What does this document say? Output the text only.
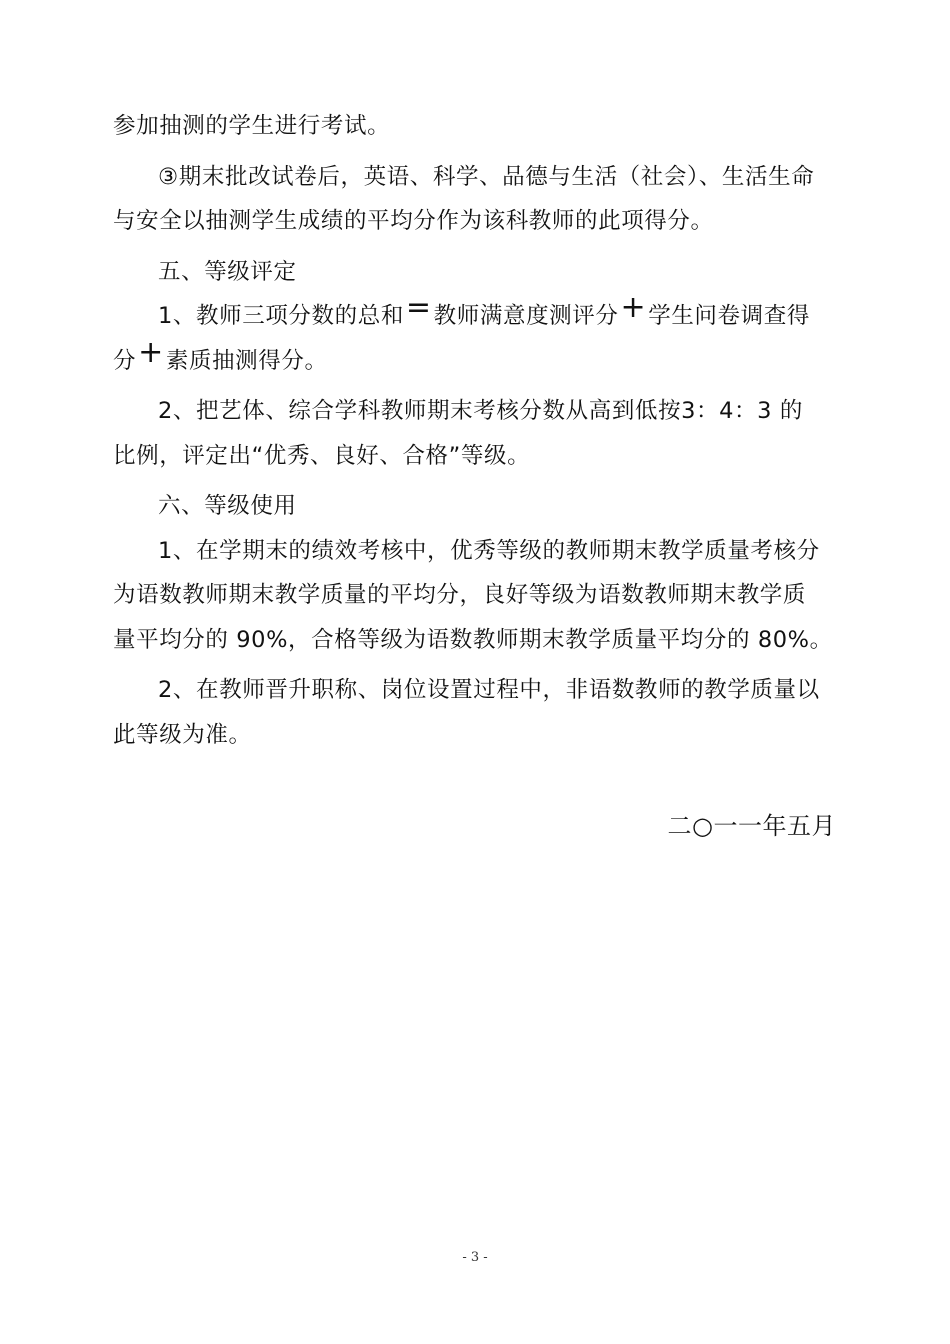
参加抽测的学生进行考试。
③期末批改试卷后，英语、科学、品德与生活（社会）、生活生命
与安全以抽测学生成绩的平均分作为该科教师的此项得分。
五、等级评定
1、教师三项分数的总和=教师满意度测评分+学生问卷调查得
分+素质抽测得分。
2、把艺体、综合学科教师期末考核分数从高到低按3：4：3 的
比例，评定出“优秀、良好、合格”等级。
六、等级使用
1、在学期末的绩效考核中，优秀等级的教师期末教学质量考核分
为语数教师期末教学质量的平均分，良好等级为语数教师期末教学质
量平均分的 90%，合格等级为语数教师期末教学质量平均分的 80%。
2、在教师晋升职称、岗位设置过程中，非语数教师的教学质量以
此等级为准。
二○一一年五月
- 3 -
